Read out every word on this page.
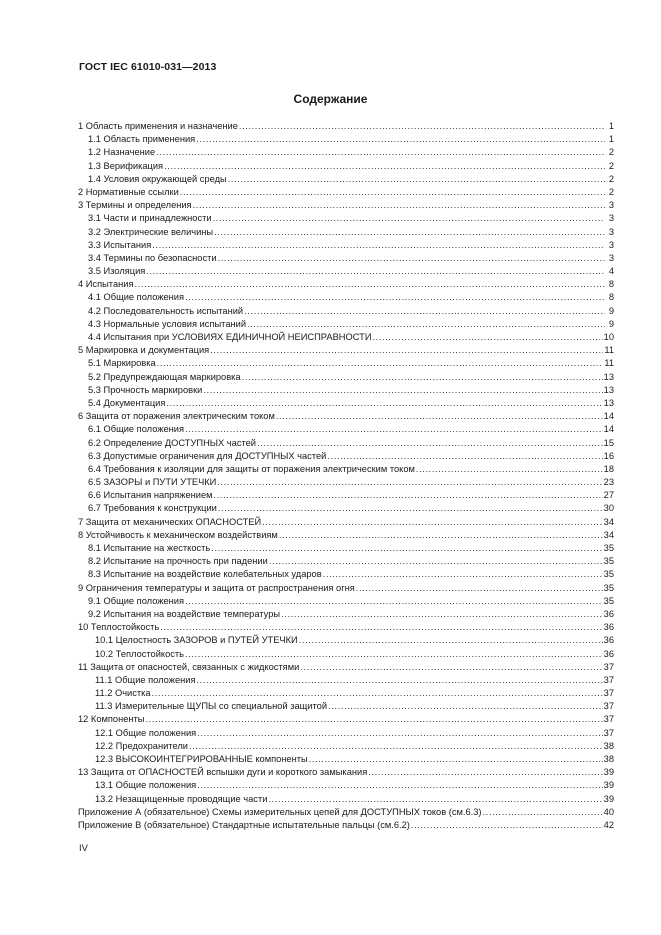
ГОСТ IEC 61010-031—2013
Содержание
1 Область применения и назначение .....	1
1.1 Область применения .....	1
1.2 Назначение .....	2
1.3 Верификация .....	2
1.4 Условия окружающей среды .....	2
2 Нормативные ссылки .....	2
3 Термины и определения .....	3
3.1 Части и принадлежности .....	3
3.2 Электрические величины .....	3
3.3 Испытания .....	3
3.4 Термины по безопасности .....	3
3.5 Изоляция .....	4
4 Испытания .....	8
4.1 Общие положения .....	8
4.2 Последовательность испытаний .....	9
4.3 Нормальные условия испытаний .....	9
4.4 Испытания при УСЛОВИЯХ ЕДИНИЧНОЙ НЕИСПРАВНОСТИ .....	10
5 Маркировка и документация .....	11
5.1 Маркировка .....	11
5.2 Предупреждающая маркировка .....	13
5.3 Прочность маркировки .....	13
5.4 Документация .....	13
6 Защита от поражения электрическим током .....	14
6.1 Общие положения .....	14
6.2 Определение ДОСТУПНЫХ частей .....	15
6.3 Допустимые ограничения для ДОСТУПНЫХ частей .....	16
6.4 Требования к изоляции для защиты от поражения электрическим током .....	18
6.5 ЗАЗОРЫ и ПУТИ УТЕЧКИ .....	23
6.6 Испытания напряжением .....	27
6.7 Требования к конструкции .....	30
7 Защита от механических ОПАСНОСТЕЙ .....	34
8 Устойчивость к механическом воздействиям .....	34
8.1 Испытание на жесткость .....	35
8.2 Испытание на прочность при падении .....	35
8.3 Испытание на воздействие колебательных ударов .....	35
9 Ограничения температуры и защита от распространения огня .....	35
9.1 Общие положения .....	35
9.2 Испытания на воздействие температуры .....	36
10 Теплостойкость .....	36
10.1 Целостность ЗАЗОРОВ и ПУТЕЙ УТЕЧКИ .....	36
10.2 Теплостойкость .....	36
11 Защита от опасностей, связанных с жидкостями .....	37
11.1 Общие положения .....	37
11.2 Очистка .....	37
11.3 Измерительные ЩУПЫ со специальной защитой .....	37
12 Компоненты .....	37
12.1 Общие положения .....	37
12.2 Предохранители .....	38
12.3 ВЫСОКОИНТЕГРИРОВАННЫЕ компоненты .....	38
13 Защита от ОПАСНОСТЕЙ вспышки дуги и короткого замыкания .....	39
13.1 Общие положения .....	39
13.2 Незащищенные проводящие части .....	39
Приложение А (обязательное) Схемы измерительных цепей для ДОСТУПНЫХ токов (см.6.3) .....	40
Приложение В (обязательное) Стандартные испытательные пальцы (см.6.2) .....	42
IV
